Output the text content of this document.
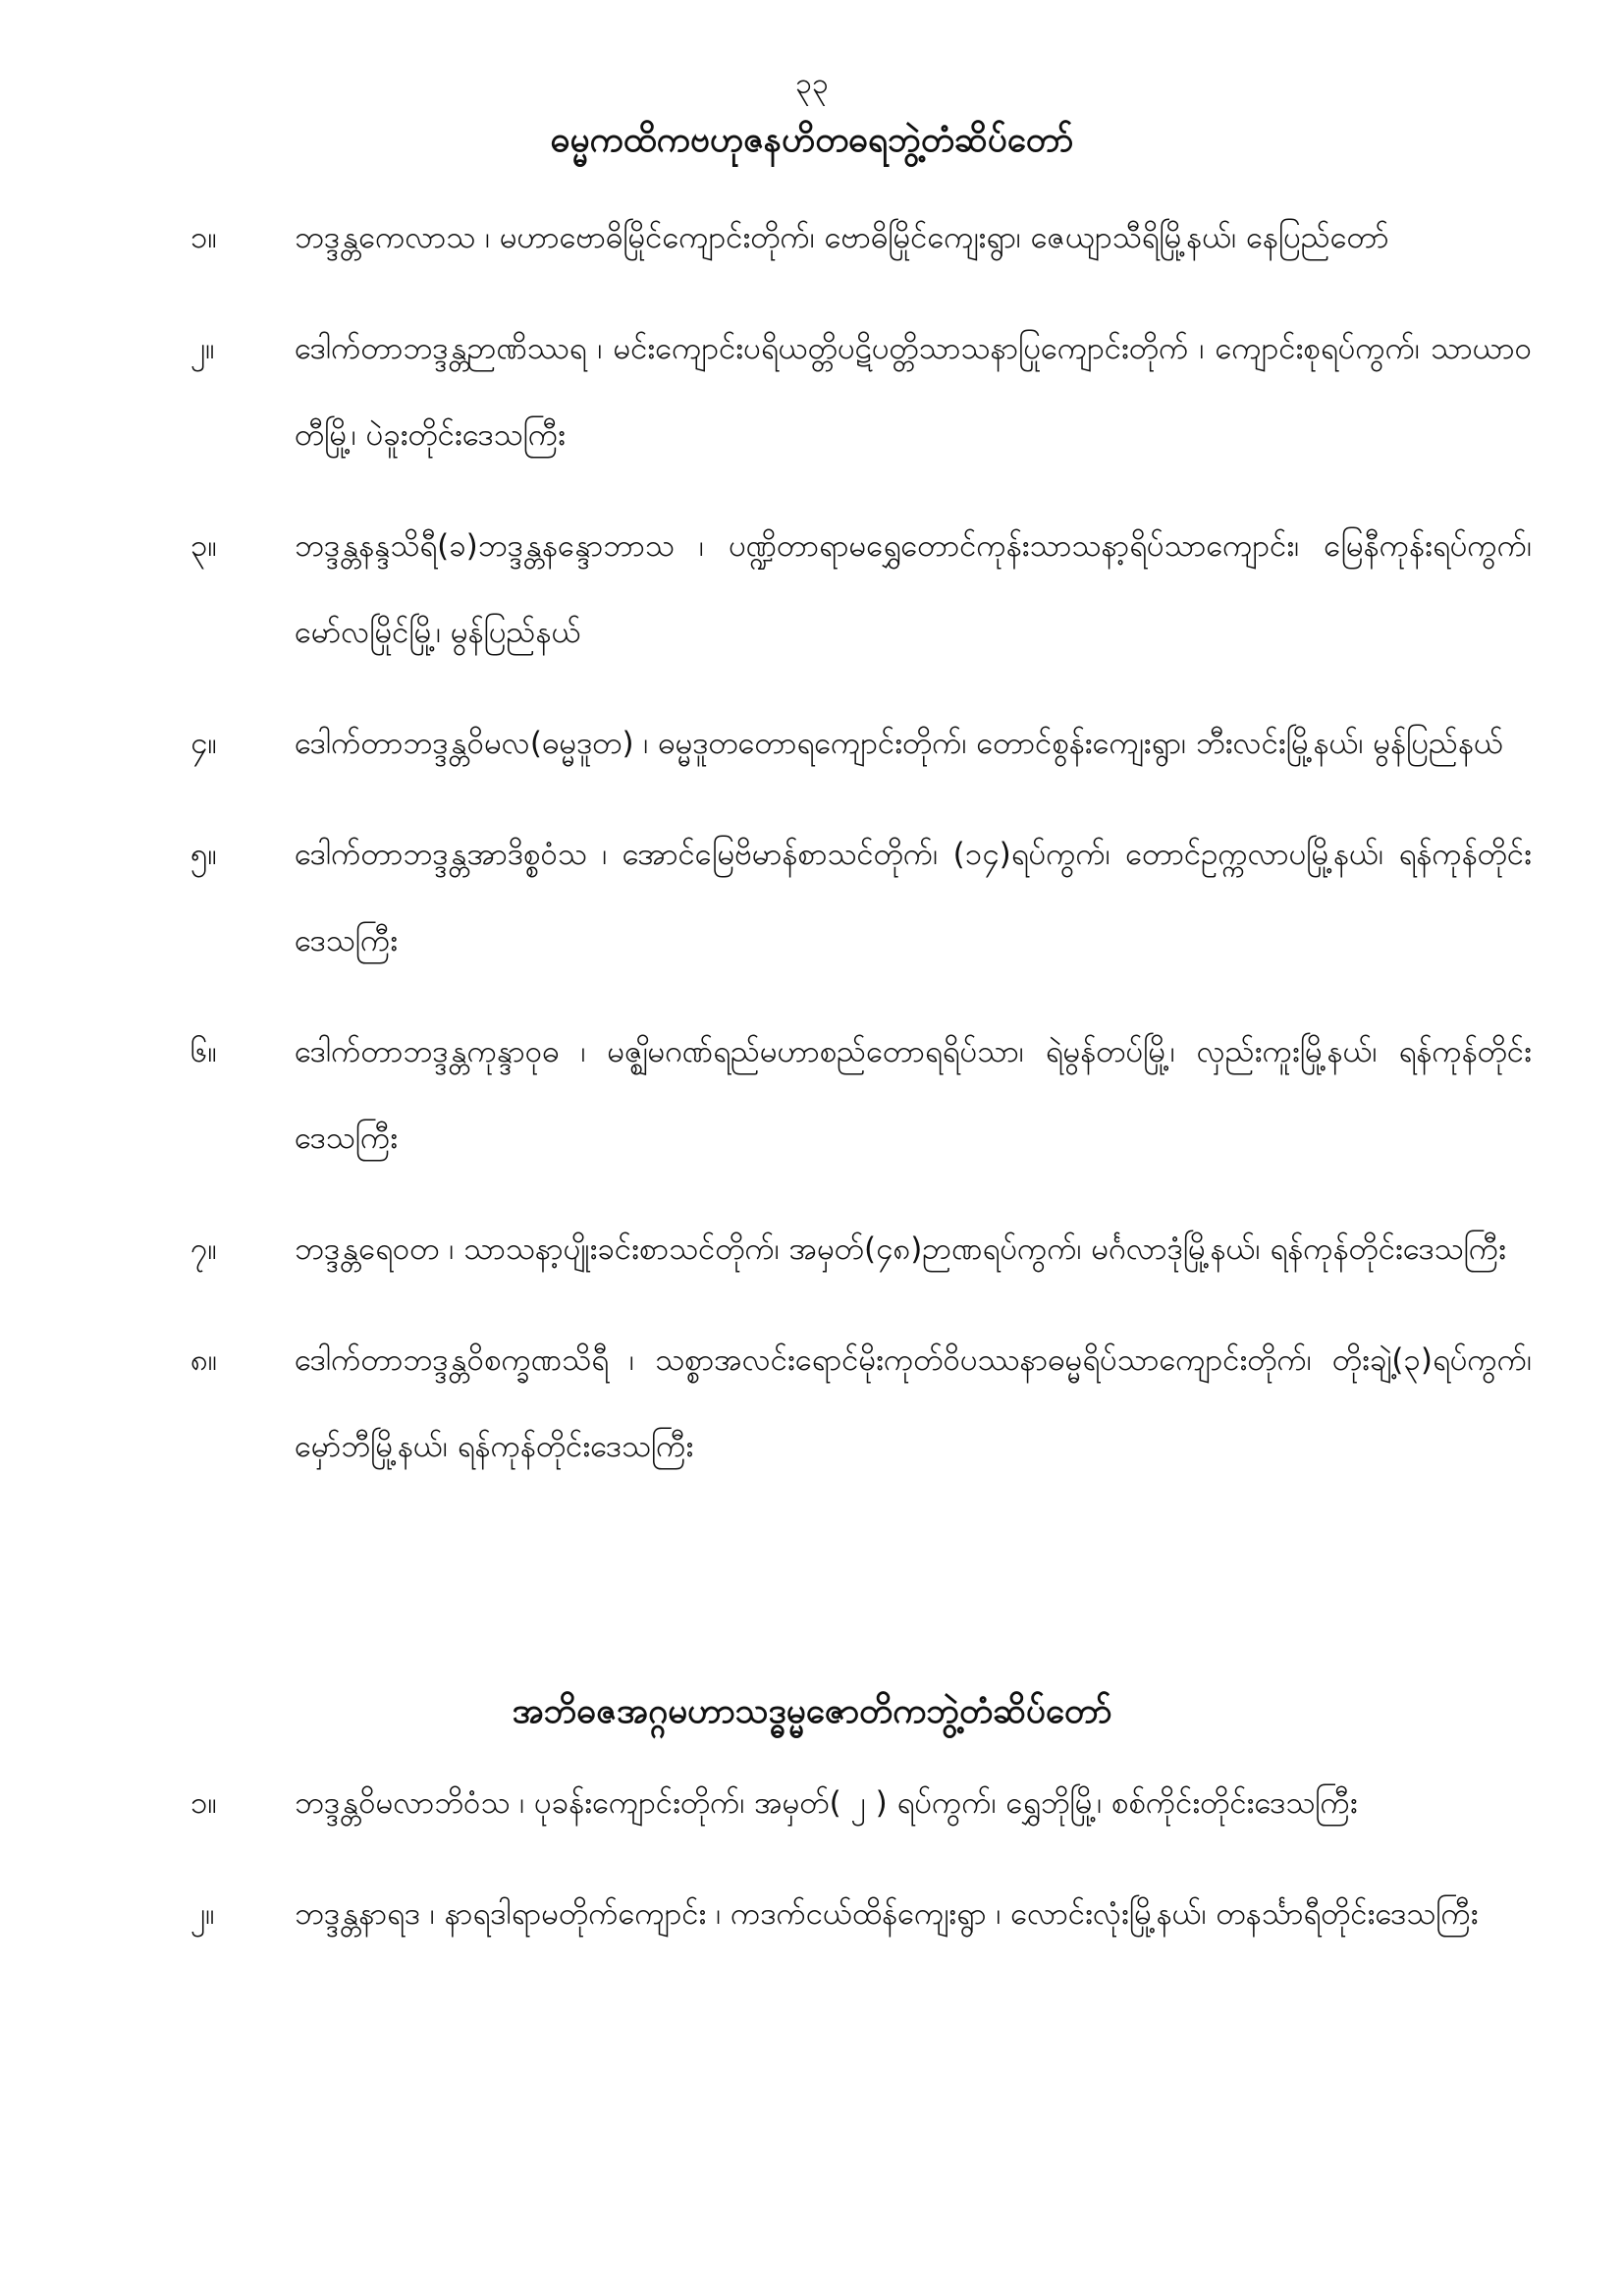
၃၃
ဓမ္မကထိကဗဟုဇနဟိတဓရဘွဲ့တံဆိပ်တော်
၁။	ဘဒ္ဒန္တကေလာသ ၊ မဟာဗောဓိမြိုင်ကျောင်းတိုက်၊ ဗောဓိမြိုင်ကျေးရွာ၊ ဇေယျာသီရိမြို့နယ်၊ နေပြည်တော်
၂။	ဒေါက်တာဘဒ္ဒန္တဉာဏိဿရ ၊ မင်းကျောင်းပရိယတ္တိပဋိပတ္တိသာသနာပြုကျောင်းတိုက် ၊ ကျောင်းစုရပ်ကွက်၊ သာယာဝတီမြို့၊ ပဲခူးတိုင်းဒေသကြီး
၃။	ဘဒ္ဒန္တနန္ဒသိရီ(ခ)ဘဒ္ဒန္တနန္ဒောဘာသ ၊ ပဏ္ဍိတာရာမရွှေတောင်ကုန်းသာသနာ့ရိပ်သာကျောင်း၊ မြေနီကုန်းရပ်ကွက်၊ မော်လမြိုင်မြို့၊ မွန်ပြည်နယ်
၄။	ဒေါက်တာဘဒ္ဒန္တဝိမလ(ဓမ္မဒူတ) ၊ ဓမ္မဒူတတောရကျောင်းတိုက်၊ တောင်စွန်းကျေးရွာ၊ ဘီးလင်းမြို့နယ်၊ မွန်ပြည်နယ်
၅။	ဒေါက်တာဘဒ္ဒန္တအာဒိစ္စဝံသ ၊ အောင်မြေဗိမာန်စာသင်တိုက်၊ (၁၄)ရပ်ကွက်၊ တောင်ဥက္ကလာပမြို့နယ်၊ ရန်ကုန်တိုင်းဒေသကြီး
၆။	ဒေါက်တာဘဒ္ဒန္တကုန္ဒာဝုဓ ၊ မဇ္ဈိမဂဏ်ရည်မဟာစည်တောရရိပ်သာ၊ ရဲမွန်တပ်မြို့၊ လှည်းကူးမြို့နယ်၊ ရန်ကုန်တိုင်းဒေသကြီး
၇။	ဘဒ္ဒန္တရေဝတ ၊ သာသနာ့ပျိုးခင်းစာသင်တိုက်၊ အမှတ်(၄၈)ဉာဏရပ်ကွက်၊ မင်္ဂလာဒုံမြို့နယ်၊ ရန်ကုန်တိုင်းဒေသကြီး
၈။	ဒေါက်တာဘဒ္ဒန္တဝိစက္ခဏသိရီ ၊ သစ္စာအလင်းရောင်မိုးကုတ်ဝိပဿနာဓမ္မရိပ်သာကျောင်းတိုက်၊ တိုးချဲ့(၃)ရပ်ကွက်၊ မှော်ဘီမြို့နယ်၊ ရန်ကုန်တိုင်းဒေသကြီး
အဘိဓဇအဂ္ဂမဟာသဒ္ဓမ္မဇောတိကဘွဲ့တံဆိပ်တော်
၁။	ဘဒ္ဒန္တဝိမလာဘိဝံသ ၊ ပုခန်းကျောင်းတိုက်၊ အမှတ်( ၂ ) ရပ်ကွက်၊ ရွှေဘိုမြို့၊ စစ်ကိုင်းတိုင်းဒေသကြီး
၂။	ဘဒ္ဒန္တနာရဒ ၊ နာရဒါရာမတိုက်ကျောင်း ၊ ကဒက်ငယ်ထိန်ကျေးရွာ ၊ လောင်းလုံးမြို့နယ်၊ တနင်္သာရီတိုင်းဒေသကြီး
